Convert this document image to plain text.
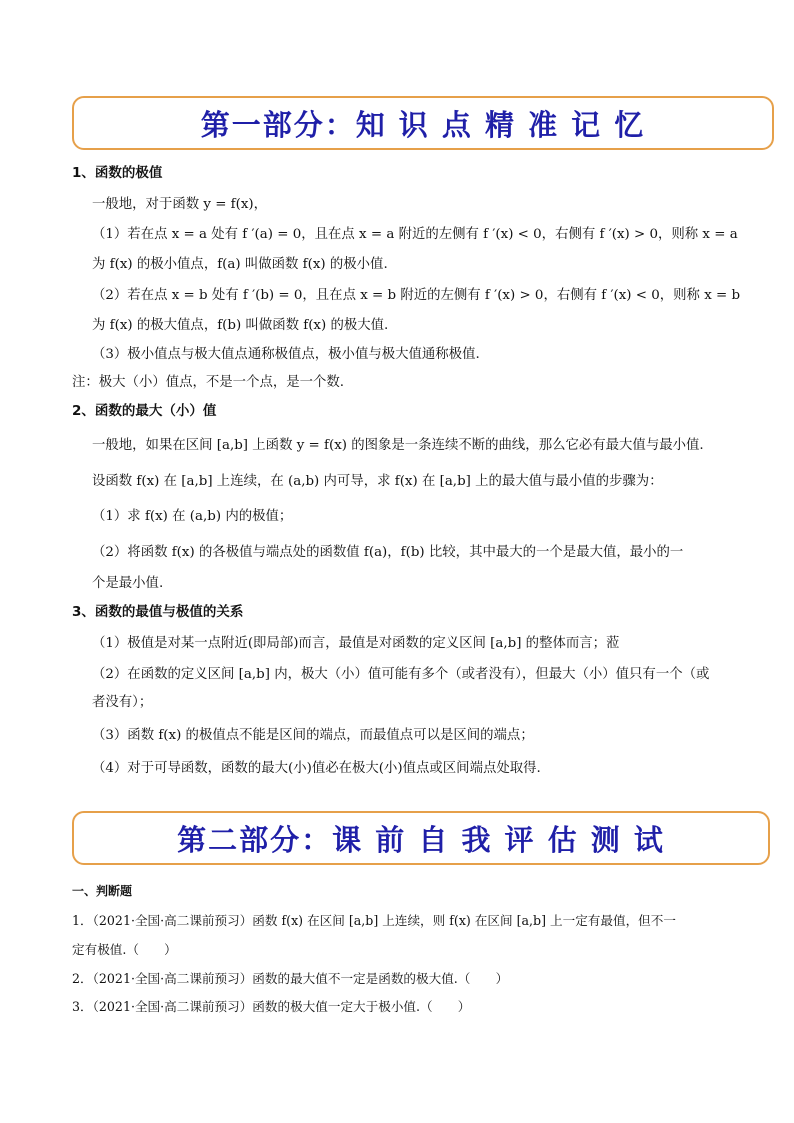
第一部分：知 识 点 精 准 记 忆
1、函数的极值
一般地，对于函数 y = f(x)，
（1）若在点 x = a 处有 f ′(a) = 0，且在点 x = a 附近的左侧有 f ′(x) < 0，右侧有 f ′(x) > 0，则称 x = a
为 f(x) 的极小值点，f(a) 叫做函数 f(x) 的极小值.
（2）若在点 x = b 处有 f ′(b) = 0，且在点 x = b 附近的左侧有 f ′(x) > 0，右侧有 f ′(x) < 0，则称 x = b
为 f(x) 的极大值点，f(b) 叫做函数 f(x) 的极大值.
（3）极小值点与极大值点通称极值点，极小值与极大值通称极值.
注：极大（小）值点，不是一个点，是一个数.
2、函数的最大（小）值
一般地，如果在区间 [a,b] 上函数 y = f(x) 的图象是一条连续不断的曲线，那么它必有最大值与最小值.
设函数 f(x) 在 [a,b] 上连续，在 (a,b) 内可导，求 f(x) 在 [a,b] 上的最大值与最小值的步骤为：
（1）求 f(x) 在 (a,b) 内的极值；
（2）将函数 f(x) 的各极值与端点处的函数值 f(a)，f(b) 比较，其中最大的一个是最大值，最小的一
个是最小值.
3、函数的最值与极值的关系
（1）极值是对某一点附近(即局部)而言，最值是对函数的定义区间 [a,b] 的整体而言；蒞
（2）在函数的定义区间 [a,b] 内，极大（小）值可能有多个（或者没有），但最大（小）值只有一个（或
者没有）；
（3）函数 f(x) 的极值点不能是区间的端点，而最值点可以是区间的端点；
（4）对于可导函数，函数的最大(小)值必在极大(小)值点或区间端点处取得.
第二部分：课 前 自 我 评 估 测 试
一、判断题
1．（2021·全国·高二课前预习）函数 f(x) 在区间 [a,b] 上连续，则 f(x) 在区间 [a,b] 上一定有最值，但不一
定有极值.（　　）
2．（2021·全国·高二课前预习）函数的最大值不一定是函数的极大值.（　　）
3．（2021·全国·高二课前预习）函数的极大值一定大于极小值.（　　）
